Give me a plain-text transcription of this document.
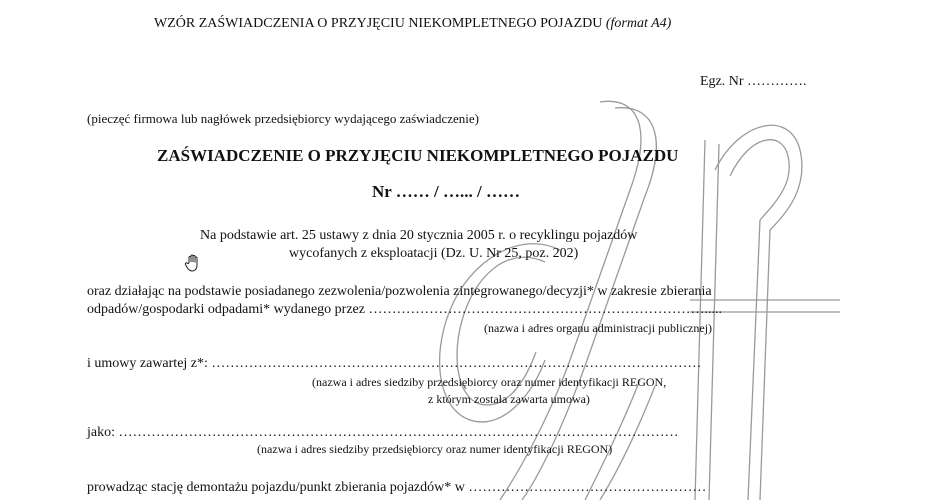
WZÓR ZAŚWIADCZENIA O PRZYJĘCIU NIEKOMPLETNEGO POJAZDU (format A4)
Egz. Nr ………….
(pieczęć firmowa lub nagłówek przedsiębiorcy wydającego zaświadczenie)
ZAŚWIADCZENIE O PRZYJĘCIU NIEKOMPLETNEGO POJAZDU
Nr …… / …... / ……
Na podstawie art. 25 ustawy z dnia 20 stycznia 2005 r. o recyklingu pojazdów
wycofanych z eksploatacji (Dz. U. Nr 25, poz. 202)
oraz działając na podstawie posiadanego zezwolenia/pozwolenia zintegrowanego/decyzji* w zakresie zbierania
odpadów/gospodarki odpadami* wydanego przez ……………………………………………………………….....
(nazwa i adres organu administracji publicznej)
i umowy zawartej z*: ……………………………………………………………………………………………
(nazwa i adres siedziby przedsiębiorcy oraz numer identyfikacji REGON,
z którym została zawarta umowa)
jako: …………………………………………………………………………………………………………
(nazwa i adres siedziby przedsiębiorcy oraz numer identyfikacji REGON)
prowadząc stację demontażu pojazdu/punkt zbierania pojazdów* w ……………………………………………
